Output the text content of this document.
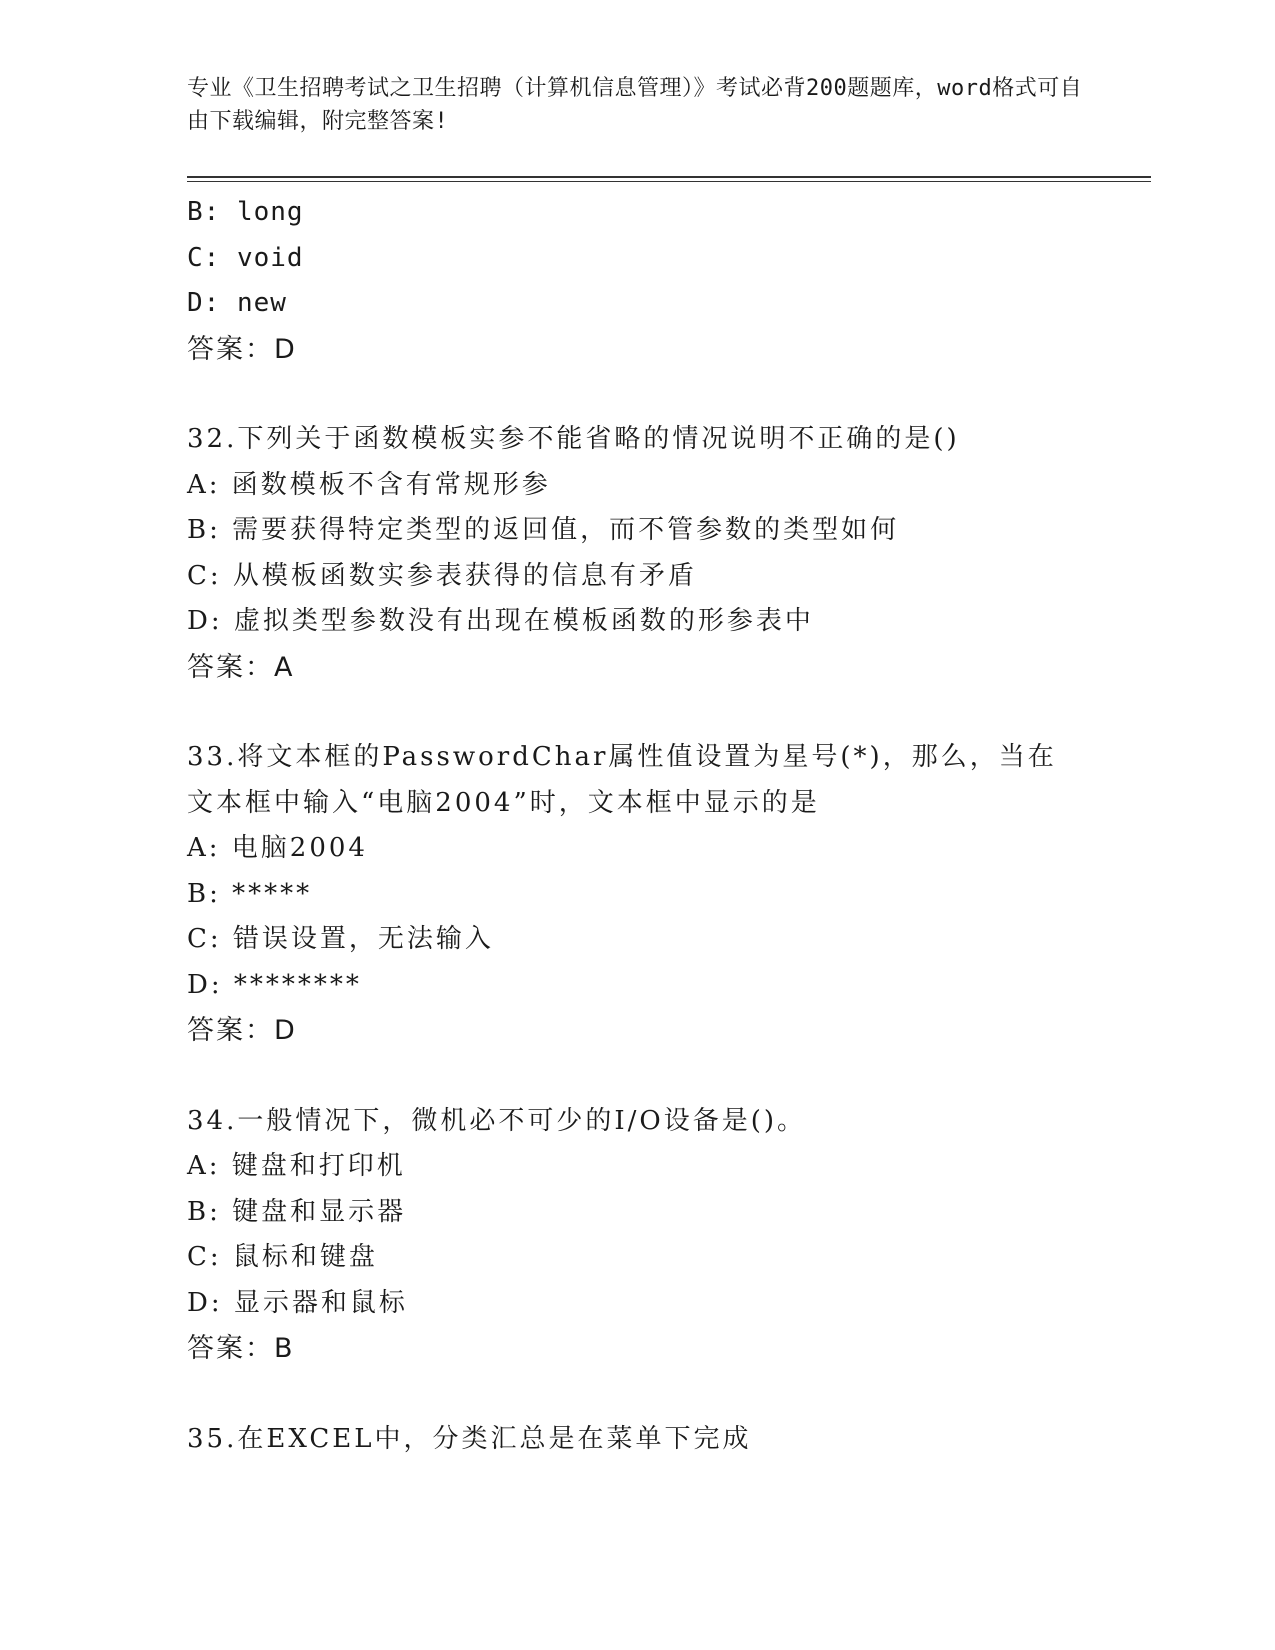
专业《卫生招聘考试之卫生招聘（计算机信息管理）》考试必背200题题库，word格式可自由下载编辑，附完整答案!
B: long
C: void
D: new
答案：D
32.下列关于函数模板实参不能省略的情况说明不正确的是()
A: 函数模板不含有常规形参
B: 需要获得特定类型的返回值，而不管参数的类型如何
C: 从模板函数实参表获得的信息有矛盾
D: 虚拟类型参数没有出现在模板函数的形参表中
答案：A
33.将文本框的PasswordChar属性值设置为星号(*)，那么，当在文本框中输入“电脑2004”时，文本框中显示的是
A: 电脑2004
B: *****
C: 错误设置，无法输入
D: ********
答案：D
34.一般情况下，微机必不可少的I/O设备是()。
A: 键盘和打印机
B: 键盘和显示器
C: 鼠标和键盘
D: 显示器和鼠标
答案：B
35.在EXCEL中，分类汇总是在菜单下完成
